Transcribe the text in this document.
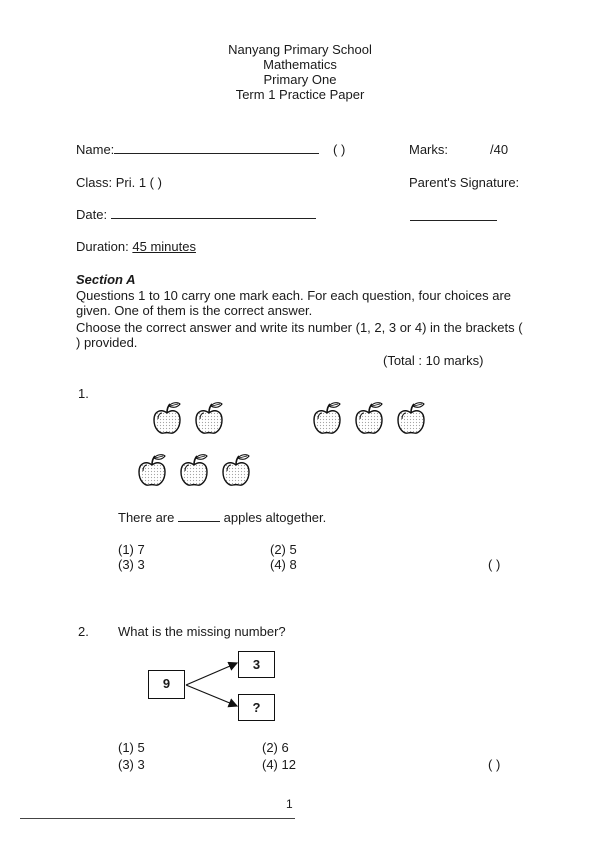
Nanyang Primary School
Mathematics
Primary One
Term 1 Practice Paper
Name:	( )	Marks:	/40
Class: Pri. 1 ( )	Parent's Signature:
Date:
Duration: 45 minutes
Section A
Questions 1 to 10 carry one mark each. For each question, four choices are given. One of them is the correct answer.
Choose the correct answer and write its number (1, 2, 3 or 4) in the brackets ( ) provided.
(Total : 10 marks)
1.
There are	apples altogether.
(1) 7	(2) 5
(3) 3	(4) 8	( )
2. What is the missing number?
9
3
?
(1) 5	(2) 6
(3) 3	(4) 12	( )
1
